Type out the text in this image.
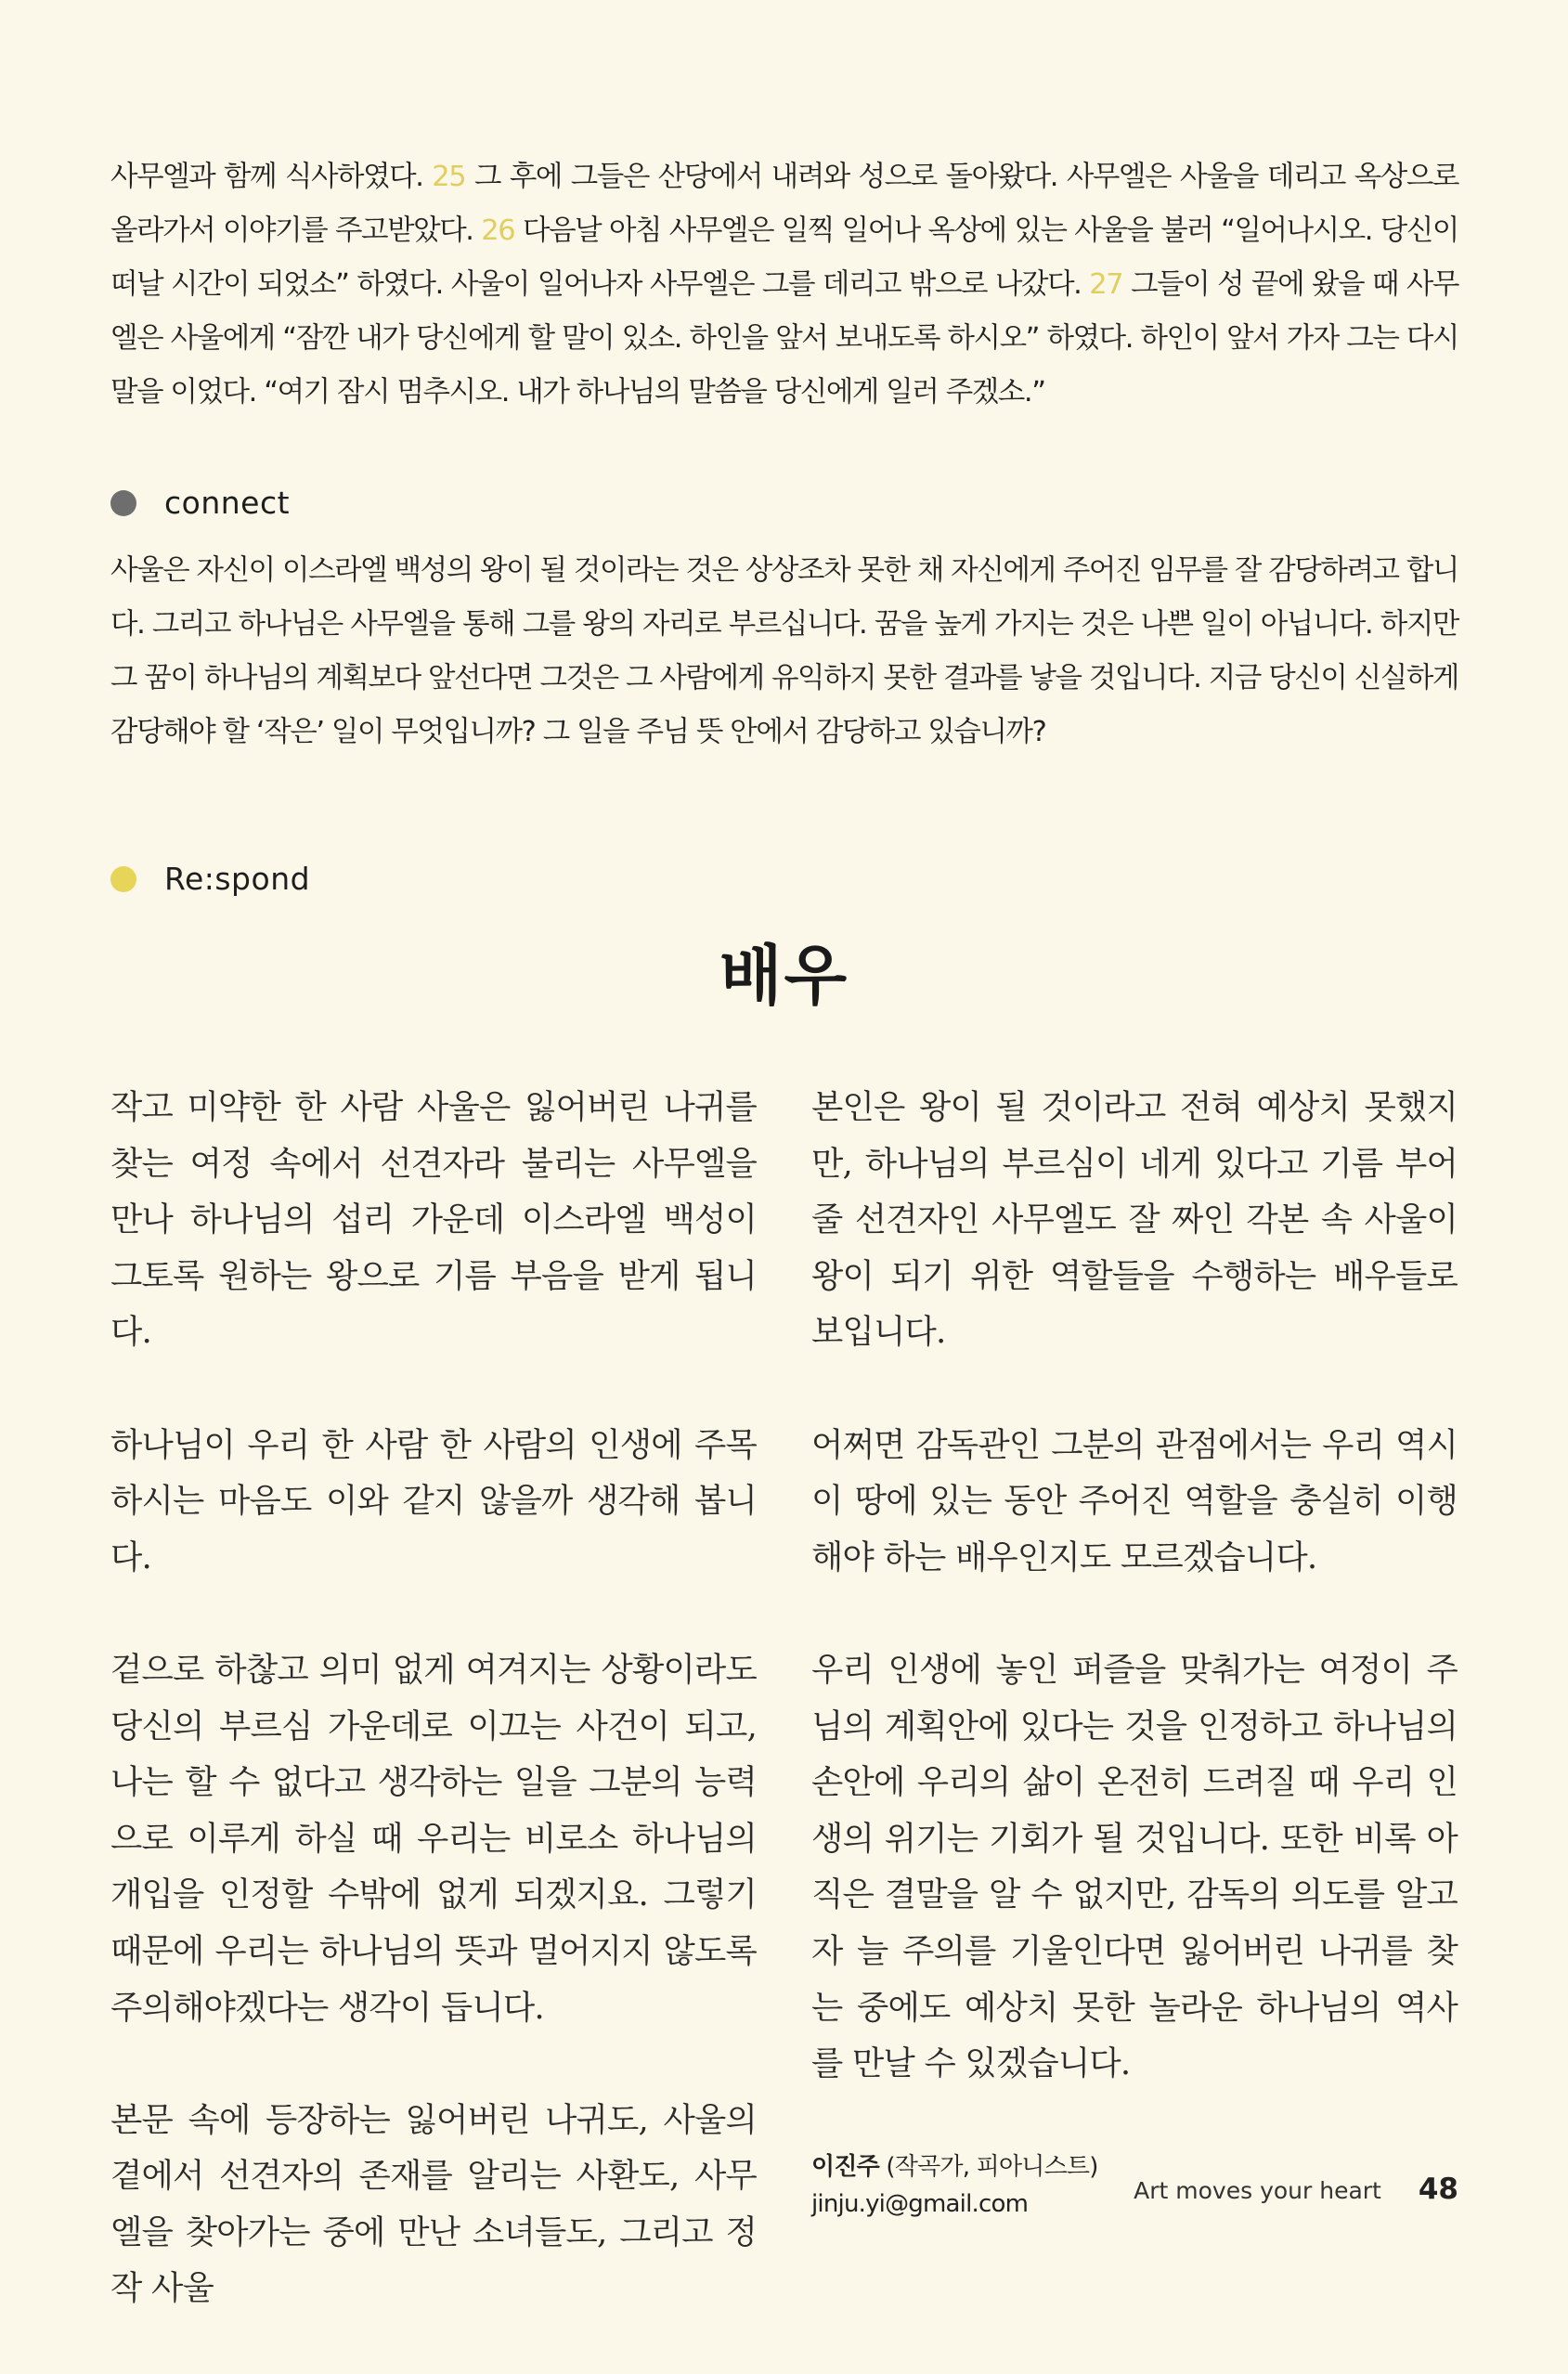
사무엘과 함께 식사하였다. 25 그 후에 그들은 산당에서 내려와 성으로 돌아왔다. 사무엘은 사울을 데리고 옥상으로 올라가서 이야기를 주고받았다. 26 다음날 아침 사무엘은 일찍 일어나 옥상에 있는 사울을 불러 “일어나시오. 당신이 떠날 시간이 되었소” 하였다. 사울이 일어나자 사무엘은 그를 데리고 밖으로 나갔다. 27 그들이 성 끝에 왔을 때 사무엘은 사울에게 “잠깐 내가 당신에게 할 말이 있소. 하인을 앞서 보내도록 하시오” 하였다. 하인이 앞서 가자 그는 다시 말을 이었다. “여기 잠시 멈추시오. 내가 하나님의 말씀을 당신에게 일러 주겠소.”
connect
사울은 자신이 이스라엘 백성의 왕이 될 것이라는 것은 상상조차 못한 채 자신에게 주어진 임무를 잘 감당하려고 합니다. 그리고 하나님은 사무엘을 통해 그를 왕의 자리로 부르십니다. 꿈을 높게 가지는 것은 나쁜 일이 아닙니다. 하지만 그 꿈이 하나님의 계획보다 앞선다면 그것은 그 사람에게 유익하지 못한 결과를 낳을 것입니다. 지금 당신이 신실하게 감당해야 할 ‘작은’ 일이 무엇입니까? 그 일을 주님 뜻 안에서 감당하고 있습니까?
Re:spond
배우

작고 미약한 한 사람 사울은 잃어버린 나귀를 찾는 여정 속에서 선견자라 불리는 사무엘을 만나 하나님의 섭리 가운데 이스라엘 백성이 그토록 원하는 왕으로 기름 부음을 받게 됩니다.

하나님이 우리 한 사람 한 사람의 인생에 주목하시는 마음도 이와 같지 않을까 생각해 봅니다.

겉으로 하찮고 의미 없게 여겨지는 상황이라도 당신의 부르심 가운데로 이끄는 사건이 되고, 나는 할 수 없다고 생각하는 일을 그분의 능력으로 이루게 하실 때 우리는 비로소 하나님의 개입을 인정할 수밖에 없게 되겠지요. 그렇기 때문에 우리는 하나님의 뜻과 멀어지지 않도록 주의해야겠다는 생각이 듭니다.

본문 속에 등장하는 잃어버린 나귀도, 사울의 곁에서 선견자의 존재를 알리는 사환도, 사무엘을 찾아가는 중에 만난 소녀들도, 그리고 정작 사울

본인은 왕이 될 것이라고 전혀 예상치 못했지만, 하나님의 부르심이 네게 있다고 기름 부어 줄 선견자인 사무엘도 잘 짜인 각본 속 사울이 왕이 되기 위한 역할들을 수행하는 배우들로 보입니다.

어쩌면 감독관인 그분의 관점에서는 우리 역시 이 땅에 있는 동안 주어진 역할을 충실히 이행해야 하는 배우인지도 모르겠습니다.

우리 인생에 놓인 퍼즐을 맞춰가는 여정이 주님의 계획안에 있다는 것을 인정하고 하나님의 손안에 우리의 삶이 온전히 드려질 때 우리 인생의 위기는 기회가 될 것입니다. 또한 비록 아직은 결말을 알 수 없지만, 감독의 의도를 알고자 늘 주의를 기울인다면 잃어버린 나귀를 찾는 중에도 예상치 못한 놀라운 하나님의 역사를 만날 수 있겠습니다.

이진주 (작곡가, 피아니스트)
jinju.yi@gmail.com	Art moves your heart 48
